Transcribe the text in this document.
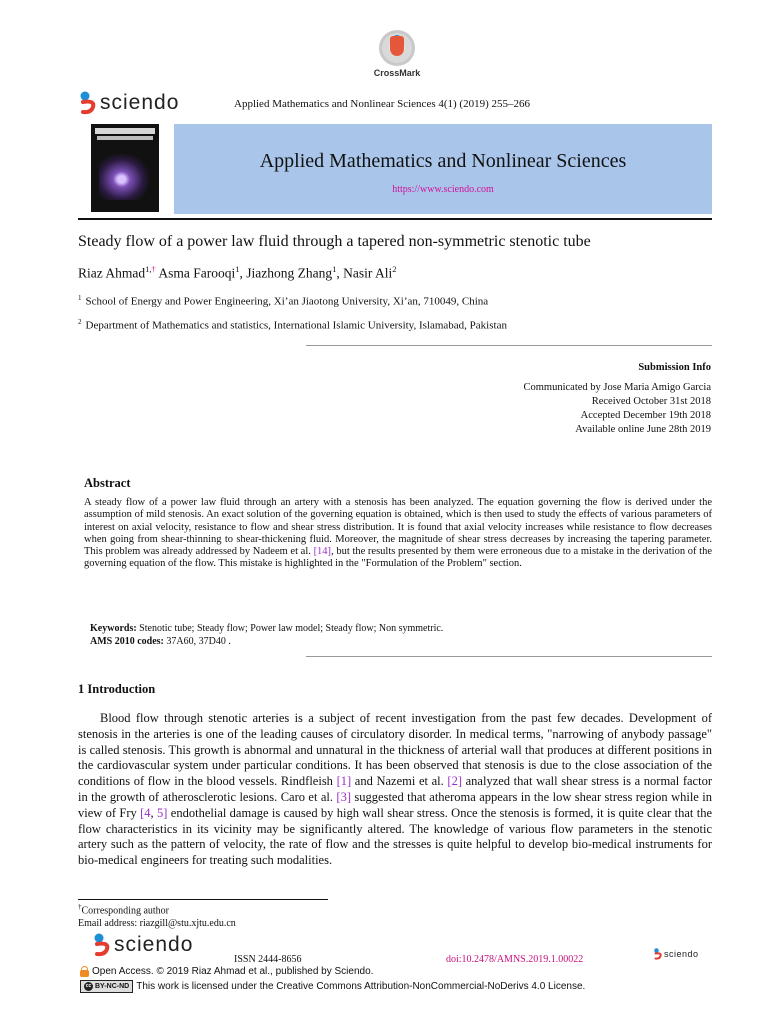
CrossMark
sciendo	Applied Mathematics and Nonlinear Sciences 4(1) (2019) 255–266
Applied Mathematics and Nonlinear Sciences
https://www.sciendo.com
Steady flow of a power law fluid through a tapered non-symmetric stenotic tube
Riaz Ahmad$^{1,\dagger}$ Asma Farooqi$^1$, Jiazhong Zhang$^1$, Nasir Ali$^2$
$^1$ School of Energy and Power Engineering, Xi’an Jiaotong University, Xi’an, 710049, China
$^2$ Department of Mathematics and statistics, International Islamic University, Islamabad, Pakistan
Submission Info
Communicated by Jose Maria Amigo Garcia
Received October 31st 2018
Accepted December 19th 2018
Available online June 28th 2019
Abstract

A steady flow of a power law fluid through an artery with a stenosis has been analyzed. The equation governing the flow is derived under the assumption of mild stenosis. An exact solution of the governing equation is obtained, which is then used to study the effects of various parameters of interest on axial velocity, resistance to flow and shear stress distribution. It is found that axial velocity increases while resistance to flow decreases when going from shear-thinning to shear-thickening fluid. Moreover, the magnitude of shear stress decreases by increasing the tapering parameter. This problem was already addressed by Nadeem et al. [14], but the results presented by them were erroneous due to a mistake in the derivation of the governing equation of the flow. This mistake is highlighted in the "Formulation of the Problem" section.

Keywords: Stenotic tube; Steady flow; Power law model; Steady flow; Non symmetric.
AMS 2010 codes: 37A60, 37D40 .
1 Introduction

Blood flow through stenotic arteries is a subject of recent investigation from the past few decades. Development of stenosis in the arteries is one of the leading causes of circulatory disorder. In medical terms, "narrowing of anybody passage" is called stenosis. This growth is abnormal and unnatural in the thickness of arterial wall that produces at different positions in the cardiovascular system under particular conditions. It has been observed that stenosis is due to the close association of the conditions of flow in the blood vessels. Rindfleish [1] and Nazemi et al. [2] analyzed that wall shear stress is a normal factor in the growth of atherosclerotic lesions. Caro et al. [3] suggested that atheroma appears in the low shear stress region while in view of Fry [4, 5] endothelial damage is caused by high wall shear stress. Once the stenosis is formed, it is quite clear that the flow characteristics in its vicinity may be significantly altered. The knowledge of various flow parameters in the stenotic artery such as the pattern of velocity, the rate of flow and the stresses is quite helpful to develop bio-medical instruments for bio-medical engineers for treating such modalities.

†Corresponding author
Email address: riazgill@stu.xjtu.edu.cn
sciendo
ISSN 2444-8656	doi:10.2478/AMNS.2019.1.00022	sciendo
Open Access. © 2019 Riaz Ahmad et al., published by Sciendo.
cc BY-NC-ND This work is licensed under the Creative Commons Attribution-NonCommercial-NoDerivs 4.0 License.
